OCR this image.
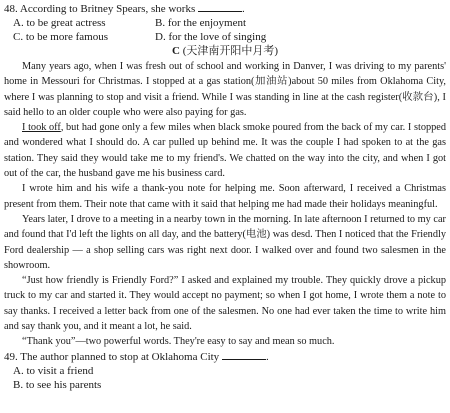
48. According to Britney Spears, she works	.
A. to be great actress	B. for the enjoyment
C. to be more famous	D. for the love of singing
C (天津南开阳中月考)

Many years ago, when I was fresh out of school and working in Danver, I was driving to my parents' home in Messouri for Christmas. I stopped at a gas station(加油站)about 50 miles from Oklahoma City, where I was planning to stop and visit a friend. While I was standing in line at the cash register(收款台), I said hello to an older couple who were also paying for gas.

I took off, but had gone only a few miles when black smoke poured from the back of my car. I stopped and wondered what I should do. A car pulled up behind me. It was the couple I had spoken to at the gas station. They said they would take me to my friend's. We chatted on the way into the city, and when I got out of the car, the husband gave me his business card.

I wrote him and his wife a thank-you note for helping me. Soon afterward, I received a Christmas present from them. Their note that came with it said that helping me had made their holidays meaningful.

Years later, I drove to a meeting in a nearby town in the morning. In late afternoon I returned to my car and found that I'd left the lights on all day, and the battery(电池) was desd. Then I noticed that the Friendly Ford dealership — a shop selling cars was right next door. I walked over and found two salesmen in the showroom.

“Just how friendly is Friendly Ford?” I asked and explained my trouble. They quickly drove a pickup truck to my car and started it. They would accept no payment; so when I got home, I wrote them a note to say thanks. I received a letter back from one of the salesmen. No one had ever taken the time to write him and say thank you, and it meant a lot, he said.

“Thank you”—two powerful words. They're easy to say and mean so much.

49. The author planned to stop at Oklahoma City	.
A. to visit a friend
B. to see his parents
